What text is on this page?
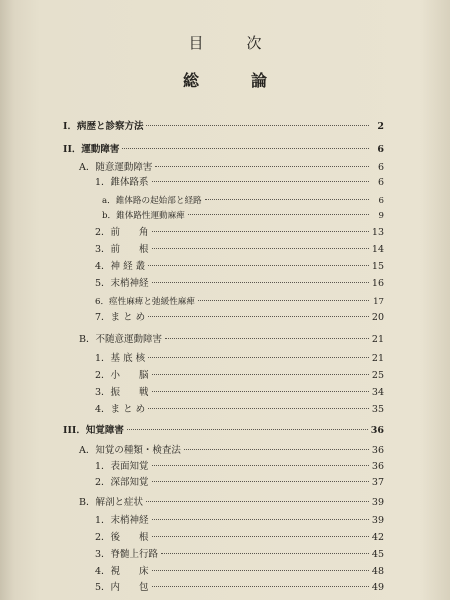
目　次
総　論
I．病歴と診察方法	2
II．運動障害	6
A．随意運動障害	6
1．錐体路系	6
a．錐体路の起始部と経路	6
b．錐体路性運動麻痺	9
2．前　　角	13
3．前　　根	14
4．神 経 叢	15
5．末梢神経	16
6．痙性麻痺と弛緩性麻痺	17
7．ま と め	20
B．不随意運動障害	21
1．基 底 核	21
2．小　　脳	25
3．振　　戦	34
4．ま と め	35
III．知覚障害	36
A．知覚の種類・検査法	36
1．表面知覚	36
2．深部知覚	37
B．解剖と症状	39
1．末梢神経	39
2．後　　根	42
3．脊髄上行路	45
4．視　　床	48
5．内　　包	49
